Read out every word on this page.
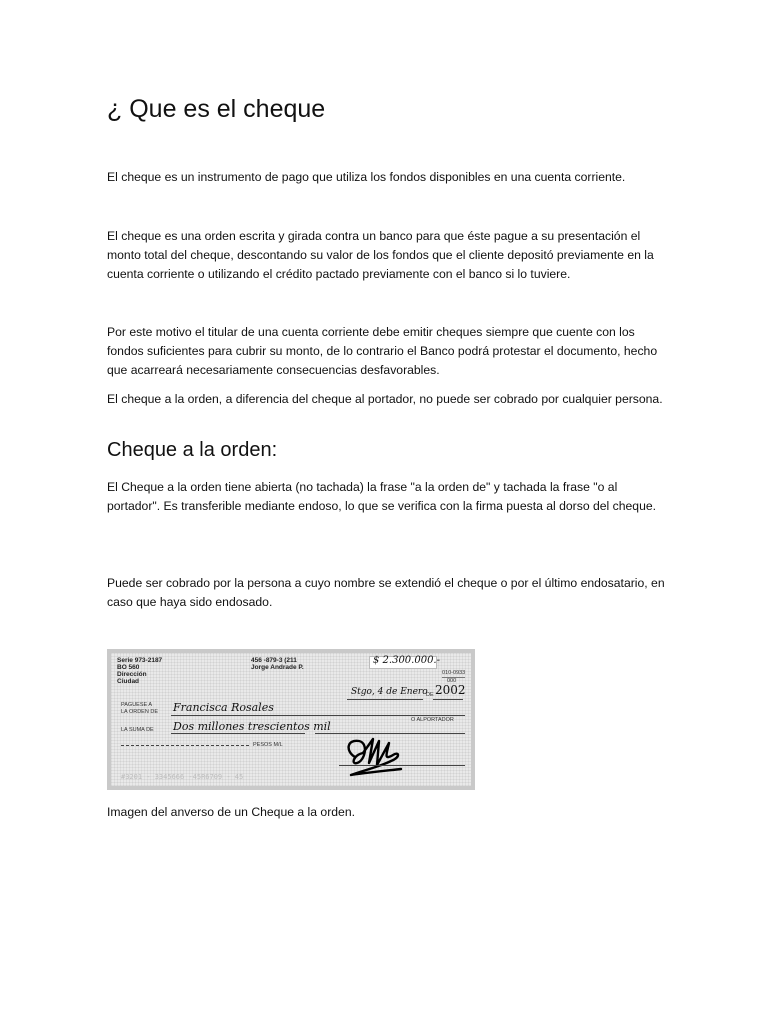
¿ Que es el cheque

El cheque es un instrumento de pago que utiliza los fondos disponibles en una cuenta corriente.

El cheque es una orden escrita y girada contra un banco para que éste pague a su presentación el monto total del cheque, descontando su valor de los fondos que el cliente depositó previamente en la cuenta corriente o utilizando el crédito pactado previamente con el banco si lo tuviere.

Por este motivo el titular de una cuenta corriente debe emitir cheques siempre que cuente con los fondos suficientes para cubrir su monto, de lo contrario el Banco podrá protestar el documento, hecho que acarreará necesariamente consecuencias desfavorables.

El cheque a la orden, a diferencia del cheque al portador, no puede ser cobrado por cualquier persona.

Cheque a la orden:

El Cheque a la orden tiene abierta (no tachada) la frase "a la orden de" y tachada la frase "o al portador". Es transferible mediante endoso, lo que se verifica con la firma puesta al dorso del cheque.

Puede ser cobrado por la persona a cuyo nombre se extendió el cheque o por el último endosatario, en caso que haya sido endosado.

Serie 973-2187
BO 560
Dirección
Ciudad
456 -879-3 (211
Jorge Andrade P.
$ 2.300.000.-
010-0933
000
Stgo, 4 de Enero
DE 2002
PAGUESE A
LA ORDEN DE Francisca Rosales
O ALPORTADOR
LA SUMA DE Dos millones trescientos mil
PESOS M/L
#3201 - 3345666 -45R6709 - 45

Imagen del anverso de un Cheque a la orden.
